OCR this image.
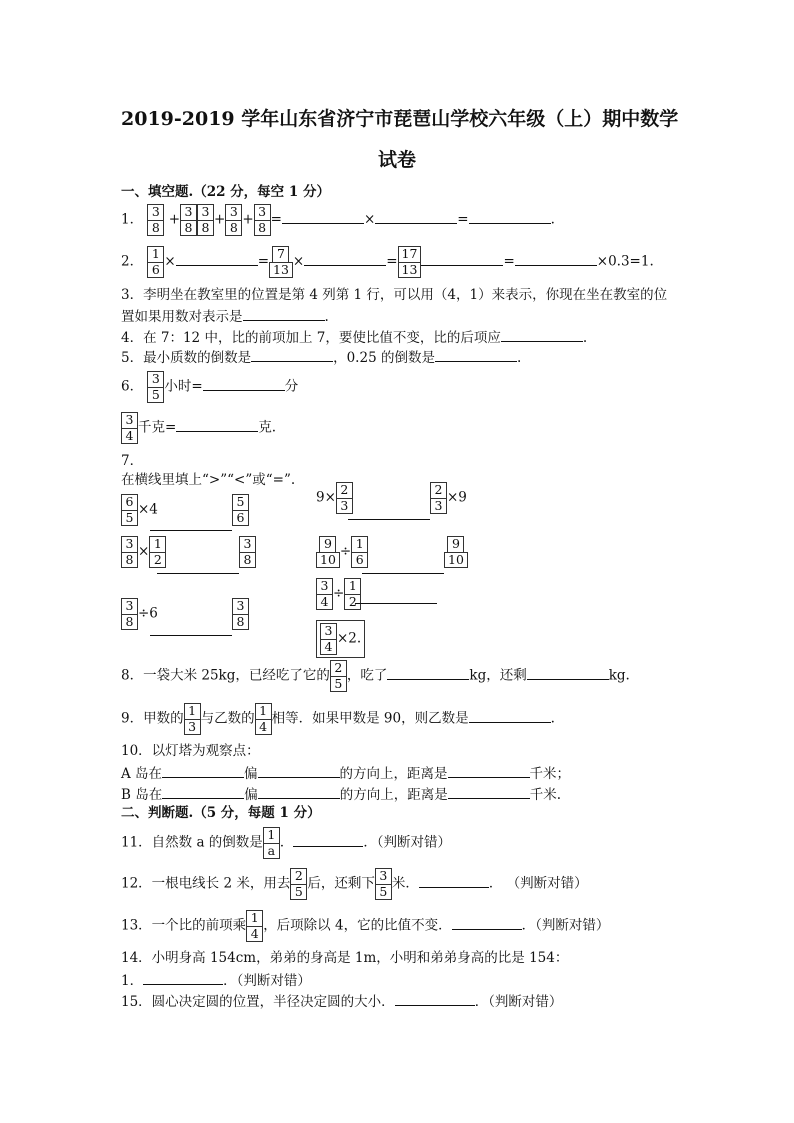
2019-2019 学年山东省济宁市琵琶山学校六年级（上）期中数学
试卷
一、填空题.（22 分，每空 1 分）
1． $\frac{3}{8} + \frac{3}{8} \frac{3}{8} + \frac{3}{8} + \frac{3}{8}$ =	×	=	.
2． $\frac{1}{6}$ ×	= $\frac{7}{13}$ ×	= $\frac{17}{13}$	=	×0.3=1.
3．李明坐在教室里的位置是第 4 列第 1 行，可以用（4，1）来表示，你现在坐在教室的位
置如果用数对表示是	.
4．在 7：12 中，比的前项加上 7，要使比值不变，比的后项应	.
5．最小质数的倒数是	，0.25 的倒数是	.
6． $\frac{3}{5}$ 小时=	分
$\frac{3}{4}$ 千克=	克.
7．
在横线里填上“>”“<”或“=”.
$\frac{6}{5} \times 4$	$\frac{5}{6}$	$9\times \frac{2}{3}$	$\frac{2}{3} \times 9$
$\frac{3}{8} \times \frac{1}{2}$	$\frac{3}{8}$	$\frac{9}{10} \div \frac{1}{6}$	$\frac{9}{10}$
$\frac{3}{4} \div \frac{1}{2}$
$\frac{3}{8} \div 6$	$\frac{3}{8}$
$\frac{3}{4} \times 2$.
8．一袋大米 25kg，已经吃了它的 $\frac{2}{5}$ ，吃了	kg，还剩	kg.
9．甲数的 $\frac{1}{3}$ 与乙数的 $\frac{1}{4}$ 相等．如果甲数是 90，则乙数是	.
10．以灯塔为观察点：
A 岛在	偏	的方向上，距离是	千米；
B 岛在	偏	的方向上，距离是	千米.
二、判断题.（5 分，每题 1 分）
11．自然数 a 的倒数是 $\frac{1}{a}$ ．	．（判断对错）
12．一根电线长 2 米，用去 $\frac{2}{5}$ 后，还剩下 $\frac{3}{5}$ 米．	． （判断对错）
13．一个比的前项乘 $\frac{1}{4}$ ，后项除以 4，它的比值不变．	．（判断对错）
14．小明身高 154cm，弟弟的身高是 1m，小明和弟弟身高的比是 154：
1．	．（判断对错）
15．圆心决定圆的位置，半径决定圆的大小．	．（判断对错）
